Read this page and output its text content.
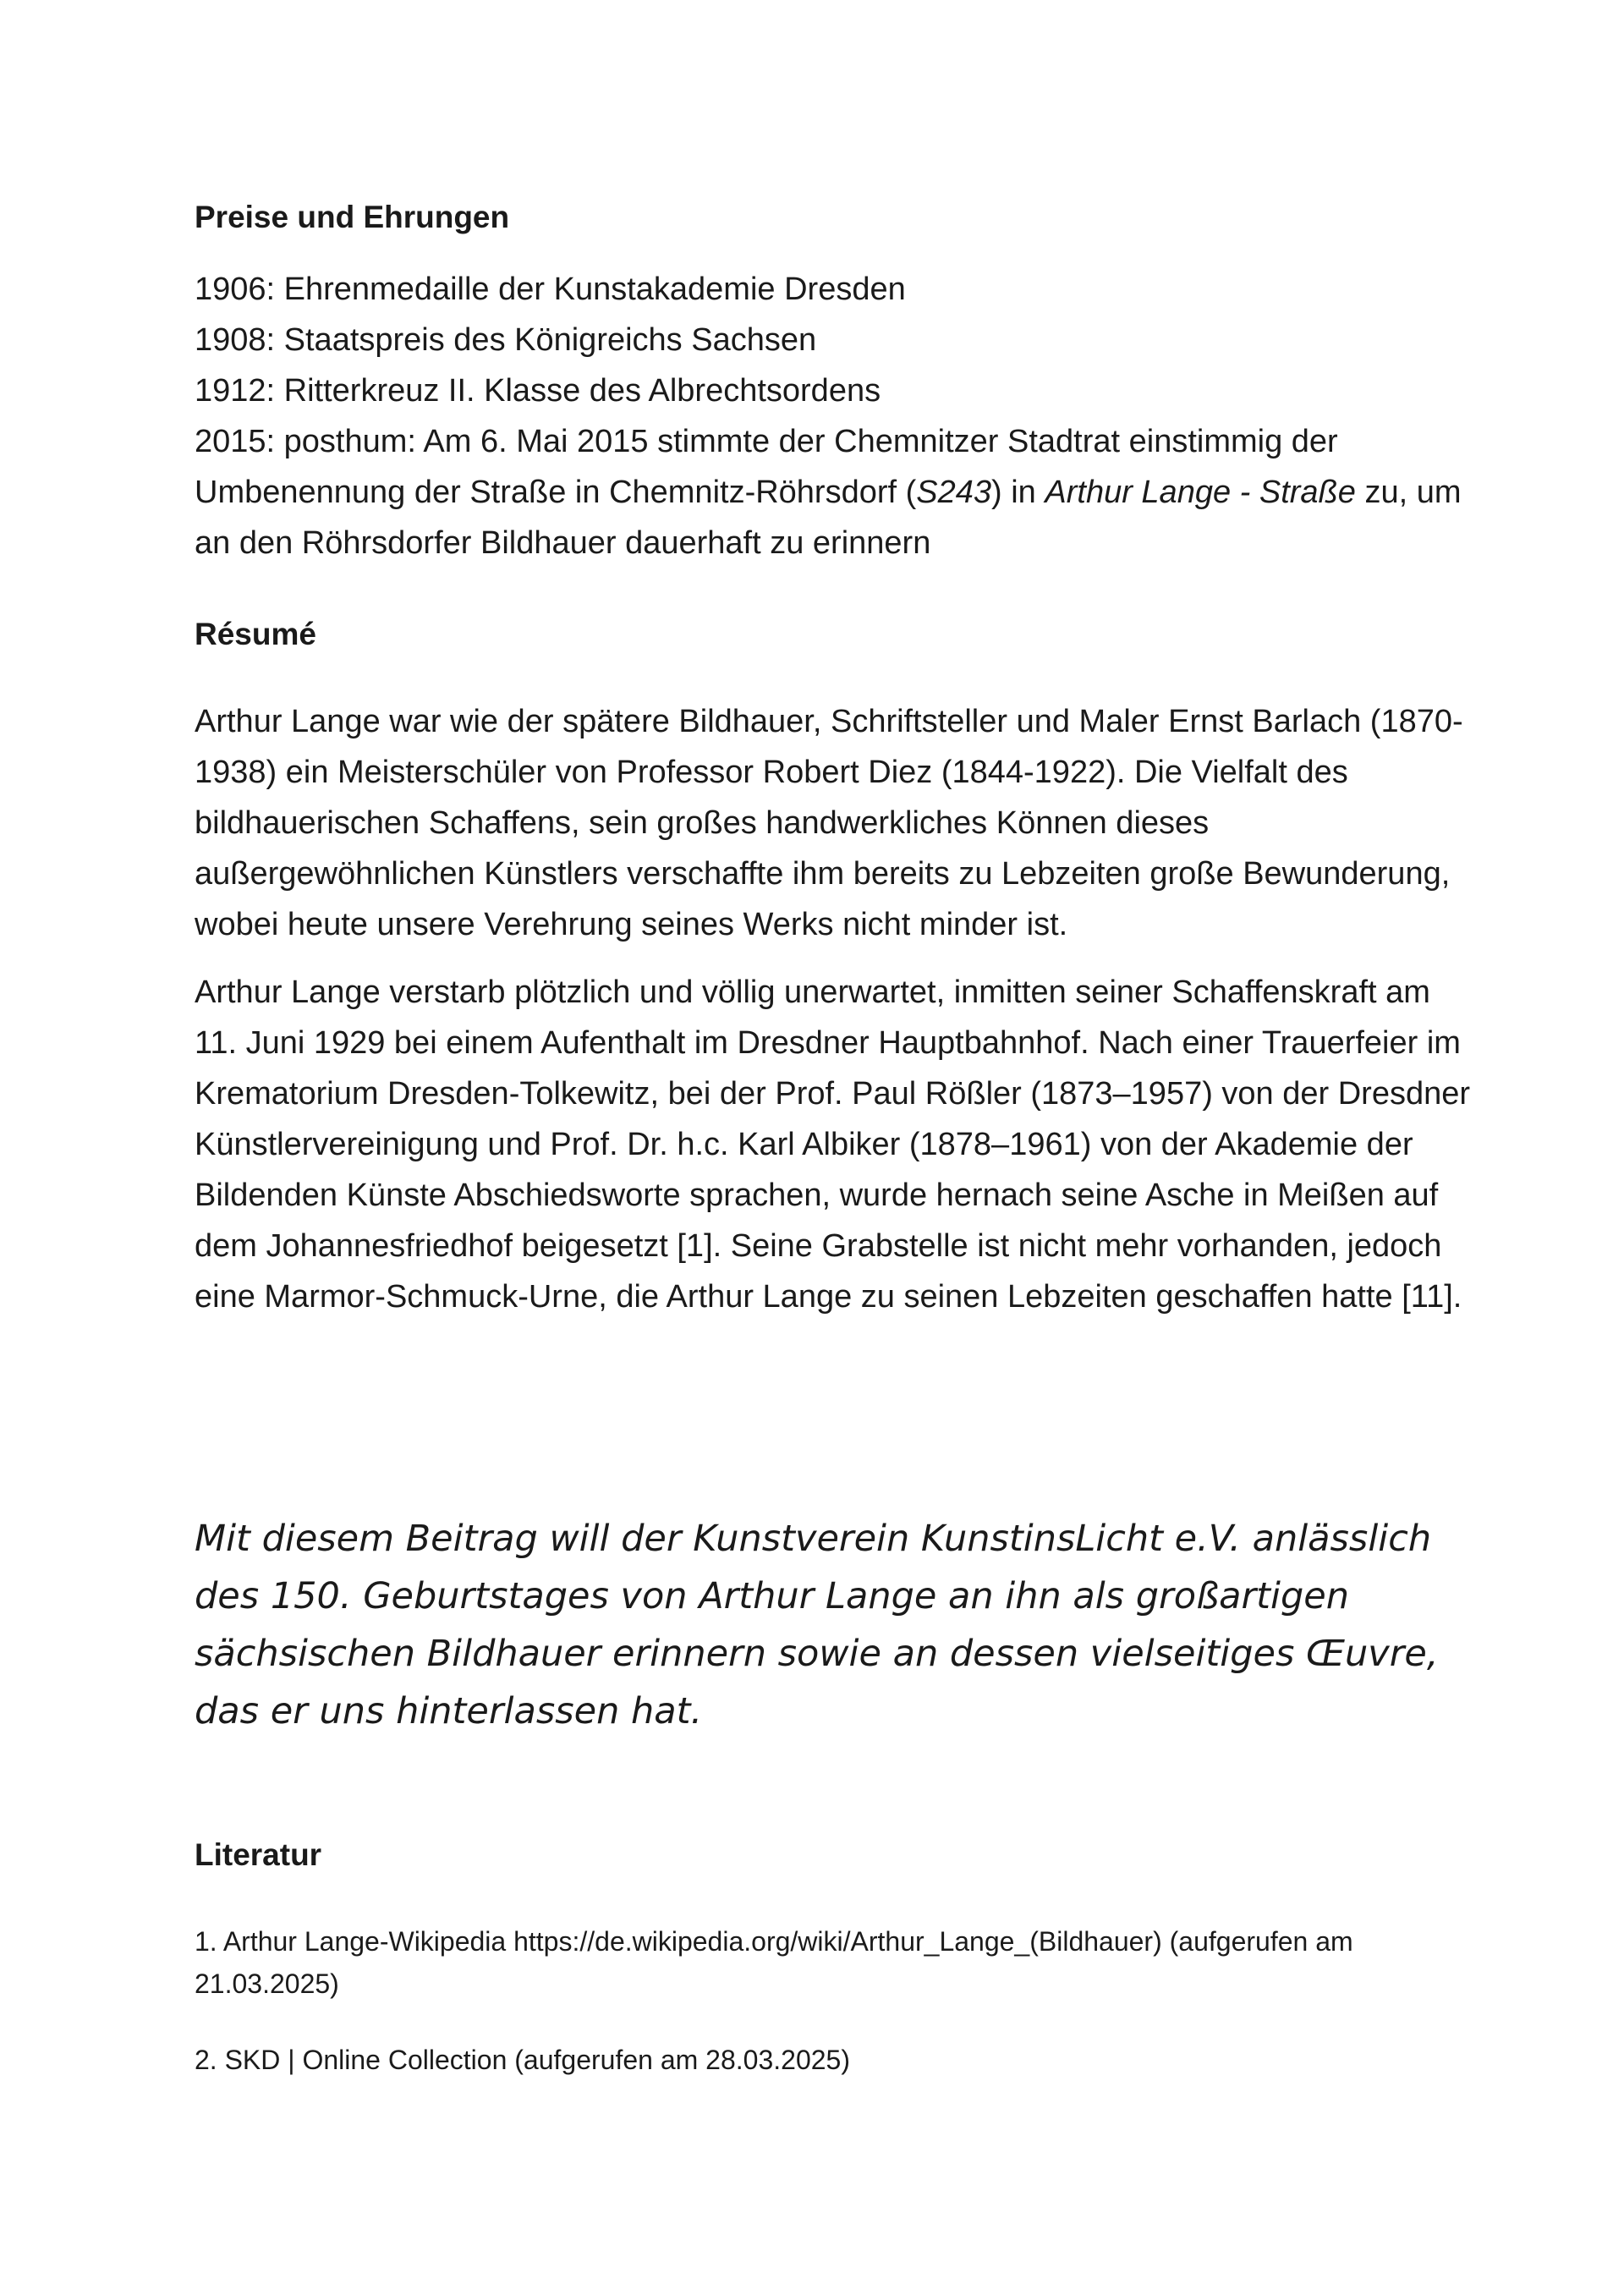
Preise und Ehrungen

1906: Ehrenmedaille der Kunstakademie Dresden

1908: Staatspreis des Königreichs Sachsen

1912: Ritterkreuz II. Klasse des Albrechtsordens

2015: posthum: Am 6. Mai 2015 stimmte der Chemnitzer Stadtrat einstimmig der Umbenennung der Straße in Chemnitz-Röhrsdorf (S243) in Arthur Lange - Straße zu, um an den Röhrsdorfer Bildhauer dauerhaft zu erinnern

Résumé

Arthur Lange war wie der spätere Bildhauer, Schriftsteller und Maler Ernst Barlach (1870-1938) ein Meisterschüler von Professor Robert Diez (1844-1922). Die Vielfalt des bildhauerischen Schaffens, sein großes handwerkliches Können dieses außergewöhnlichen Künstlers verschaffte ihm bereits zu Lebzeiten große Bewunderung, wobei heute unsere Verehrung seines Werks nicht minder ist.

Arthur Lange verstarb plötzlich und völlig unerwartet, inmitten seiner Schaffenskraft am 11. Juni 1929 bei einem Aufenthalt im Dresdner Hauptbahnhof. Nach einer Trauerfeier im Krematorium Dresden-Tolkewitz, bei der Prof. Paul Rößler (1873–1957) von der Dresdner Künstlervereinigung und Prof. Dr. h.c. Karl Albiker (1878–1961) von der Akademie der Bildenden Künste Abschiedsworte sprachen, wurde hernach seine Asche in Meißen auf dem Johannesfriedhof beigesetzt [1]. Seine Grabstelle ist nicht mehr vorhanden, jedoch eine Marmor-Schmuck-Urne, die Arthur Lange zu seinen Lebzeiten geschaffen hatte [11].

Mit diesem Beitrag will der Kunstverein KunstinsLicht e.V. anlässlich des 150. Geburtstages von Arthur Lange an ihn als großartigen sächsischen Bildhauer erinnern sowie an dessen vielseitiges Œuvre, das er uns hinterlassen hat.

Literatur

1. Arthur Lange-Wikipedia https://de.wikipedia.org/wiki/Arthur_Lange_(Bildhauer) (aufgerufen am 21.03.2025)

2. SKD | Online Collection (aufgerufen am 28.03.2025)
